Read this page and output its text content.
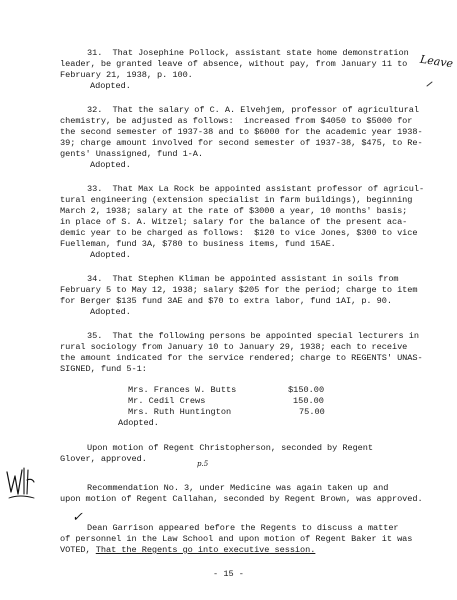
31.  That Josephine Pollock, assistant state home demonstration
leader, be granted leave of absence, without pay, from January 11 to
February 21, 1938, p. 100.
Adopted.
32.  That the salary of C. A. Elvehjem, professor of agricultural
chemistry, be adjusted as follows:  increased from $4050 to $5000 for
the second semester of 1937-38 and to $6000 for the academic year 1938-
39; charge amount involved for second semester of 1937-38, $475, to Re-
gents' Unassigned, fund 1-A.
Adopted.
33.  That Max La Rock be appointed assistant professor of agricul-
tural engineering (extension specialist in farm buildings), beginning
March 2, 1938; salary at the rate of $3000 a year, 10 months' basis;
in place of S. A. Witzel; salary for the balance of the present aca-
demic year to be charged as follows:  $120 to vice Jones, $300 to vice
Fuelleman, fund 3A, $780 to business items, fund 15AE.
Adopted.
34.  That Stephen Kliman be appointed assistant in soils from
February 5 to May 12, 1938; salary $205 for the period; charge to item
for Berger $135 fund 3AE and $70 to extra labor, fund 1AI, p. 90.
Adopted.
35.  That the following persons be appointed special lecturers in
rural sociology from January 10 to January 29, 1938; each to receive
the amount indicated for the service rendered; charge to REGENTS' UNAS-
SIGNED, fund 5-1:
Mrs. Frances W. Butts	$150.00
Mr. Cedil Crews	150.00
Mrs. Ruth Huntington	75.00
Adopted.
Upon motion of Regent Christopherson, seconded by Regent
Glover, approved.
Recommendation No. 3, under Medicine was again taken up and
upon motion of Regent Callahan, seconded by Regent Brown, was approved.
Dean Garrison appeared before the Regents to discuss a matter
of personnel in the Law School and upon motion of Regent Baker it was
VOTED, That the Regents go into executive session.
Leave
p.5
✓
- 15 -
